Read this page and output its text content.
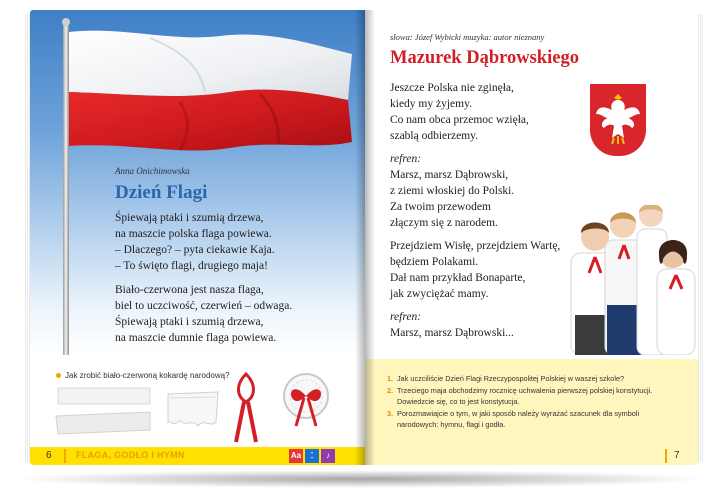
Anna Onichimowska
Dzień Flagi
Śpiewają ptaki i szumią drzewa,
na maszcie polska flaga powiewa.
– Dlaczego? – pyta ciekawie Kaja.
– To święto flagi, drugiego maja!
Biało-czerwona jest nasza flaga,
biel to uczciwość, czerwień – odwaga.
Śpiewają ptaki i szumią drzewa,
na maszcie dumnie flaga powiewa.
Jak zrobić biało-czerwoną kokardę narodową?
6	FLAGA, GODŁO I HYMN	Aa	⁚	♪
słowa: Józef Wybicki muzyka: autor nieznany
Mazurek Dąbrowskiego
Jeszcze Polska nie zginęła,
kiedy my żyjemy.
Co nam obca przemoc wzięła,
szablą odbierzemy.
refren:
Marsz, marsz Dąbrowski,
z ziemi włoskiej do Polski.
Za twoim przewodem
złączym się z narodem.
Przejdziem Wisłę, przejdziem Wartę,
będziem Polakami.
Dał nam przykład Bonaparte,
jak zwyciężać mamy.
refren:
Marsz, marsz Dąbrowski...
1. Jak uczciliście Dzień Flagi Rzeczypospolitej Polskiej w waszej szkole?
2. Trzeciego maja obchodzimy rocznicę uchwalenia pierwszej polskiej konstytucji. Dowiedzcie się, co to jest konstytucja.
3. Porozmawiajcie o tym, w jaki sposób należy wyrażać szacunek dla symboli narodowych: hymnu, flagi i godła.
7
